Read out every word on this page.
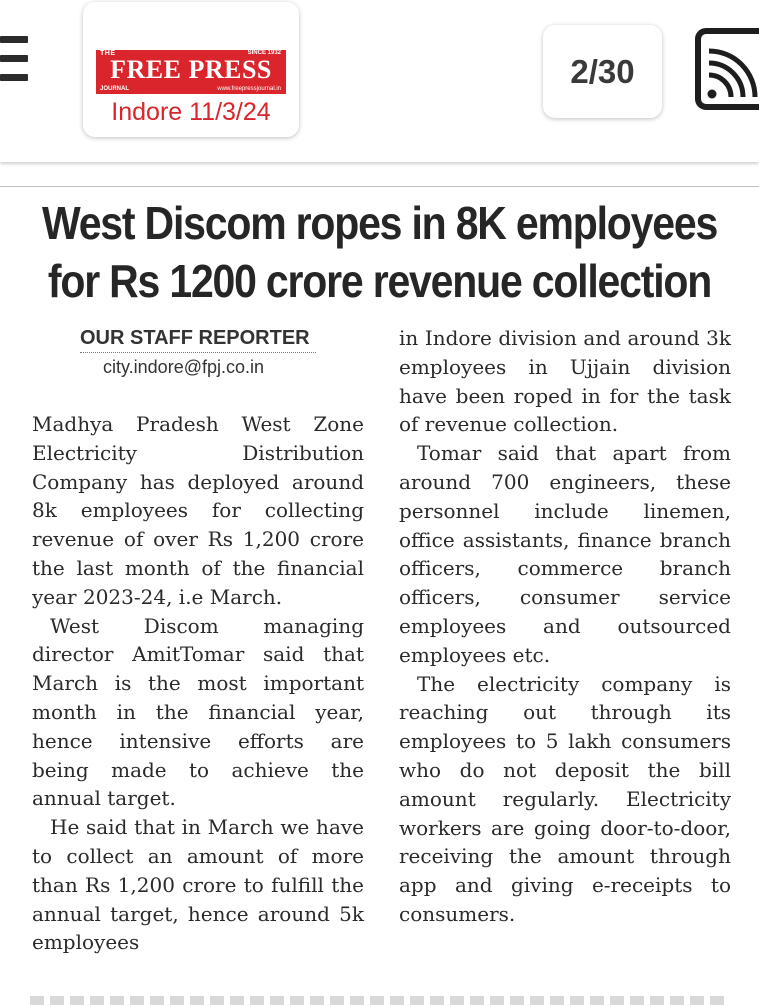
THE	SINCE 1932
FREE PRESS
JOURNAL	www.freepressjournal.in
Indore 11/3/24
2/30
West Discom ropes in 8K employees
for Rs 1200 crore revenue collection
OUR STAFF REPORTER
city.indore@fpj.co.in

Madhya Pradesh West Zone Electricity Distribution Company has deployed around 8k employees for collecting revenue of over Rs 1,200 crore the last month of the financial year 2023-24, i.e March.

West Discom managing director AmitTomar said that March is the most important month in the financial year, hence intensive efforts are being made to achieve the annual target.

He said that in March we have to collect an amount of more than Rs 1,200 crore to fulfill the annual target, hence around 5k employees

in Indore division and around 3k employees in Ujjain division have been roped in for the task of revenue collection.

Tomar said that apart from around 700 engineers, these personnel include linemen, office assistants, finance branch officers, commerce branch officers, consumer service employees and outsourced employees etc.

The electricity company is reaching out through its employees to 5 lakh consumers who do not deposit the bill amount regularly. Electricity workers are going door-to-door, receiving the amount through app and giving e-receipts to consumers.
